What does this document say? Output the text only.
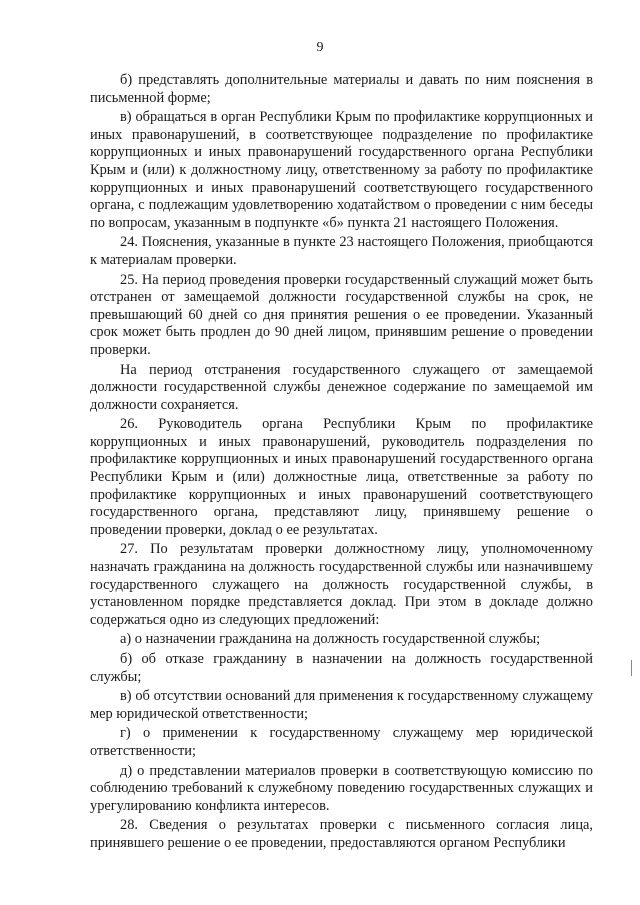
9

б) представлять дополнительные материалы и давать по ним пояснения в письменной форме;

в) обращаться в орган Республики Крым по профилактике коррупционных и иных правонарушений, в соответствующее подразделение по профилактике коррупционных и иных правонарушений государственного органа Республики Крым и (или) к должностному лицу, ответственному за работу по профилактике коррупционных и иных правонарушений соответствующего государственного органа, с подлежащим удовлетворению ходатайством о проведении с ним беседы по вопросам, указанным в подпункте «б» пункта 21 настоящего Положения.

24. Пояснения, указанные в пункте 23 настоящего Положения, приобщаются к материалам проверки.

25. На период проведения проверки государственный служащий может быть отстранен от замещаемой должности государственной службы на срок, не превышающий 60 дней со дня принятия решения о ее проведении. Указанный срок может быть продлен до 90 дней лицом, принявшим решение о проведении проверки.

На период отстранения государственного служащего от замещаемой должности государственной службы денежное содержание по замещаемой им должности сохраняется.

26. Руководитель органа Республики Крым по профилактике коррупционных и иных правонарушений, руководитель подразделения по профилактике коррупционных и иных правонарушений государственного органа Республики Крым и (или) должностные лица, ответственные за работу по профилактике коррупционных и иных правонарушений соответствующего государственного органа, представляют лицу, принявшему решение о проведении проверки, доклад о ее результатах.

27. По результатам проверки должностному лицу, уполномоченному назначать гражданина на должность государственной службы или назначившему государственного служащего на должность государственной службы, в установленном порядке представляется доклад. При этом в докладе должно содержаться одно из следующих предложений:

а) о назначении гражданина на должность государственной службы;

б) об отказе гражданину в назначении на должность государственной службы;

в) об отсутствии оснований для применения к государственному служащему мер юридической ответственности;

г) о применении к государственному служащему мер юридической ответственности;

д) о представлении материалов проверки в соответствующую комиссию по соблюдению требований к служебному поведению государственных служащих и урегулированию конфликта интересов.

28. Сведения о результатах проверки с письменного согласия лица, принявшего решение о ее проведении, предоставляются органом Республики
